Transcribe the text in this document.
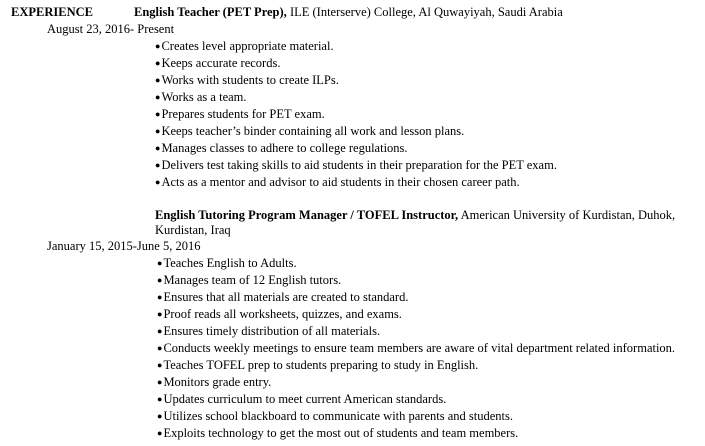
EXPERIENCE	English Teacher (PET Prep), ILE (Interserve) College, Al Quwayiyah, Saudi Arabia
August 23, 2016- Present
●Creates level appropriate material.
●Keeps accurate records.
●Works with students to create ILPs.
●Works as a team.
●Prepares students for PET exam.
●Keeps teacher’s binder containing all work and lesson plans.
●Manages classes to adhere to college regulations.
●Delivers test taking skills to aid students in their preparation for the PET exam.
●Acts as a mentor and advisor to aid students in their chosen career path.
English Tutoring Program Manager / TOFEL Instructor, American University of Kurdistan, Duhok, Kurdistan, Iraq
January 15, 2015-June 5, 2016
●Teaches English to Adults.
●Manages team of 12 English tutors.
●Ensures that all materials are created to standard.
●Proof reads all worksheets, quizzes, and exams.
●Ensures timely distribution of all materials.
●Conducts weekly meetings to ensure team members are aware of vital department related information.
●Teaches TOFEL prep to students preparing to study in English.
●Monitors grade entry.
●Updates curriculum to meet current American standards.
●Utilizes school blackboard to communicate with parents and students.
●Exploits technology to get the most out of students and team members.
